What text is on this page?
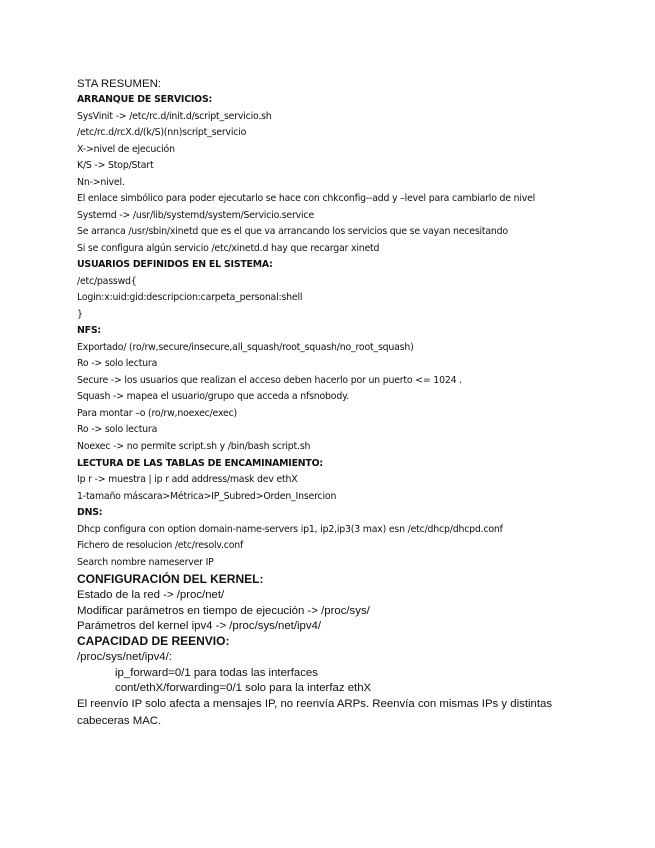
STA RESUMEN:
ARRANQUE DE SERVICIOS:
SysVinit -> /etc/rc.d/init.d/script_servicio.sh
/etc/rc.d/rcX.d/(k/S)(nn)script_servicio
X->nivel de ejecución
K/S -> Stop/Start
Nn->nivel.
El enlace simbólico para poder ejecutarlo se hace con chkconfig--add y –level para cambiarlo de nivel
Systemd -> /usr/lib/systemd/system/Servicio.service
Se arranca /usr/sbin/xinetd que es el que va arrancando los servicios que se vayan necesitando
Si se configura algún servicio /etc/xinetd.d hay que recargar xinetd
USUARIOS DEFINIDOS EN EL SISTEMA:
/etc/passwd{
Login:x:uid:gid:descripcion:carpeta_personal:shell
}
NFS:
Exportado/ (ro/rw,secure/insecure,all_squash/root_squash/no_root_squash)
Ro -> solo lectura
Secure -> los usuarios que realizan el acceso deben hacerlo por un puerto <= 1024 .
Squash -> mapea el usuario/grupo que acceda a nfsnobody.
Para montar –o (ro/rw,noexec/exec)
Ro -> solo lectura
Noexec -> no permite script.sh y /bin/bash script.sh
LECTURA DE LAS TABLAS DE ENCAMINAMIENTO:
Ip r -> muestra | ip r add address/mask dev ethX
1-tamaño máscara>Métrica>IP_Subred>Orden_Insercion
DNS:
Dhcp configura con option domain-name-servers ip1, ip2,ip3(3 max) esn /etc/dhcp/dhcpd.conf
Fichero de resolucion /etc/resolv.conf
Search nombre nameserver IP
CONFIGURACIÓN DEL KERNEL:
Estado de la red -> /proc/net/
Modificar parámetros en tiempo de ejecución -> /proc/sys/
Parámetros del kernel ipv4 -> /proc/sys/net/ipv4/
CAPACIDAD DE REENVIO:
/proc/sys/net/ipv4/:
ip_forward=0/1 para todas las interfaces
cont/ethX/forwarding=0/1 solo para la interfaz ethX
El reenvío IP solo afecta a mensajes IP, no reenvía ARPs. Reenvía con mismas IPs y distintas cabeceras MAC.
